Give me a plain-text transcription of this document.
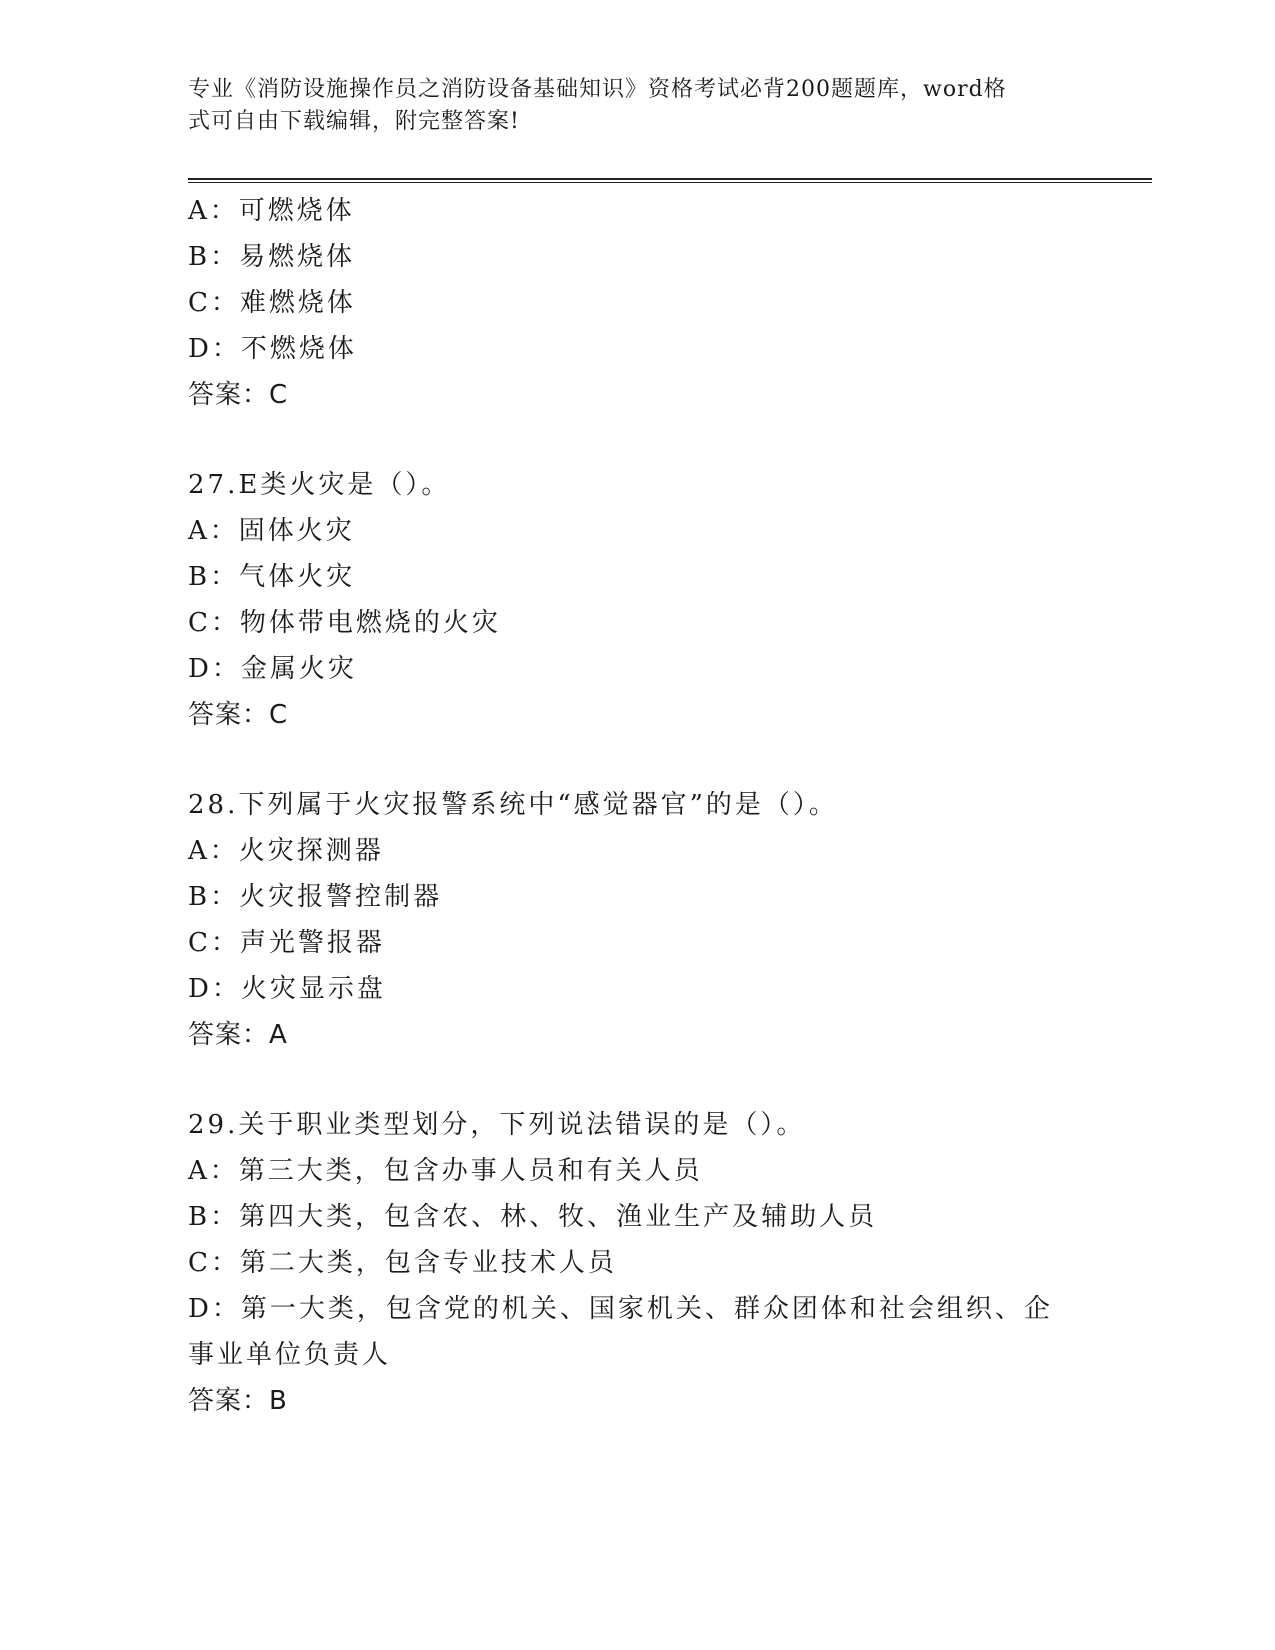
专业《消防设施操作员之消防设备基础知识》资格考试必背200题题库，word格
式可自由下载编辑，附完整答案!
A：可燃烧体
B：易燃烧体
C：难燃烧体
D：不燃烧体
答案：C
27.E类火灾是（）。
A：固体火灾
B：气体火灾
C：物体带电燃烧的火灾
D：金属火灾
答案：C
28.下列属于火灾报警系统中“感觉器官”的是（）。
A：火灾探测器
B：火灾报警控制器
C：声光警报器
D：火灾显示盘
答案：A
29.关于职业类型划分，下列说法错误的是（）。
A：第三大类，包含办事人员和有关人员
B：第四大类，包含农、林、牧、渔业生产及辅助人员
C：第二大类，包含专业技术人员
D：第一大类，包含党的机关、国家机关、群众团体和社会组织、企事业单位负责人
答案：B
